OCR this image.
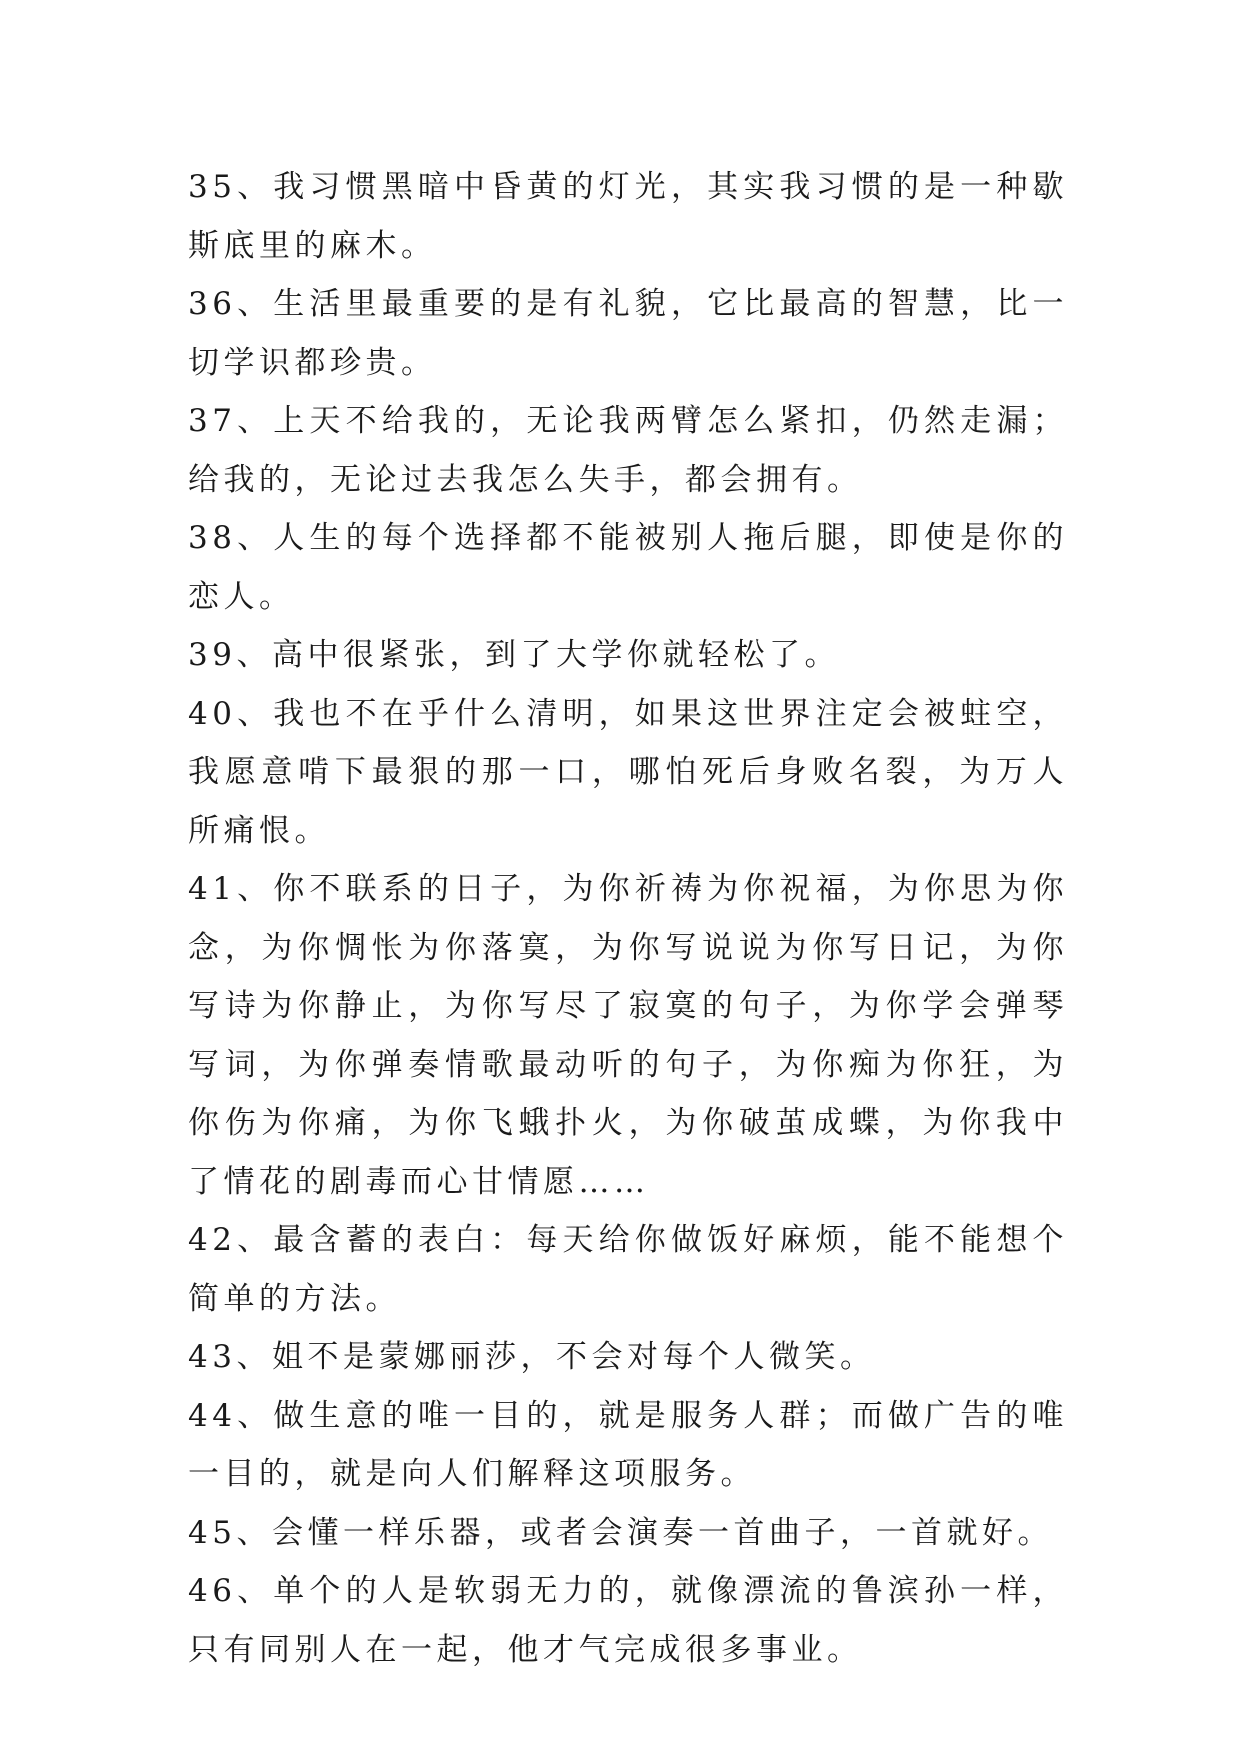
35、我习惯黑暗中昏黄的灯光，其实我习惯的是一种歇斯底里的麻木。

36、生活里最重要的是有礼貌，它比最高的智慧，比一切学识都珍贵。

37、上天不给我的，无论我两臂怎么紧扣，仍然走漏；给我的，无论过去我怎么失手，都会拥有。

38、人生的每个选择都不能被别人拖后腿，即使是你的恋人。

39、高中很紧张，到了大学你就轻松了。

40、我也不在乎什么清明，如果这世界注定会被蛀空，我愿意啃下最狠的那一口，哪怕死后身败名裂，为万人所痛恨。

41、你不联系的日子，为你祈祷为你祝福，为你思为你念，为你惆怅为你落寞，为你写说说为你写日记，为你写诗为你静止，为你写尽了寂寞的句子，为你学会弹琴写词，为你弹奏情歌最动听的句子，为你痴为你狂，为你伤为你痛，为你飞蛾扑火，为你破茧成蝶，为你我中了情花的剧毒而心甘情愿……

42、最含蓄的表白：每天给你做饭好麻烦，能不能想个简单的方法。

43、姐不是蒙娜丽莎，不会对每个人微笑。

44、做生意的唯一目的，就是服务人群；而做广告的唯一目的，就是向人们解释这项服务。

45、会懂一样乐器，或者会演奏一首曲子，一首就好。

46、单个的人是软弱无力的，就像漂流的鲁滨孙一样，只有同别人在一起，他才气完成很多事业。
